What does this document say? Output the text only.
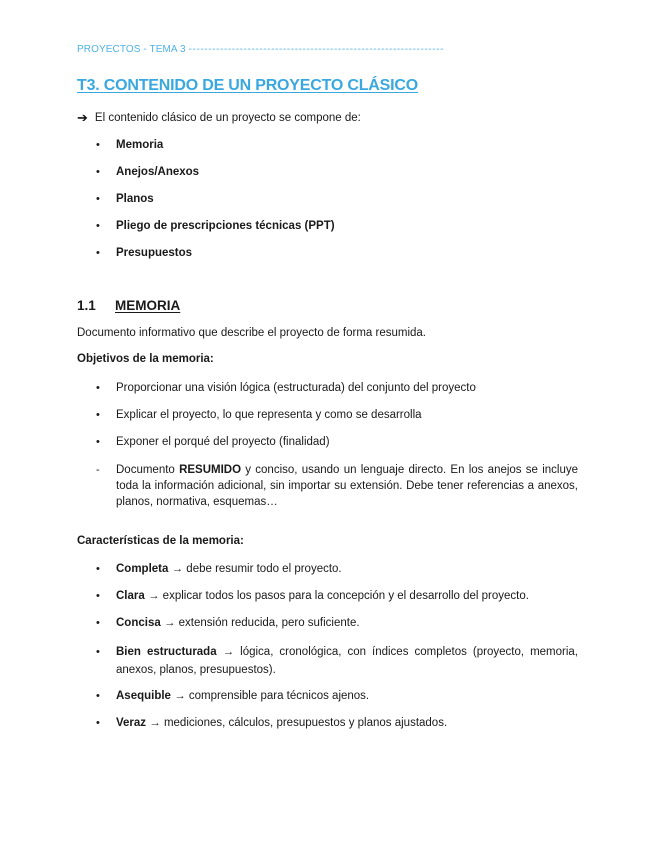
PROYECTOS - TEMA 3 -----------------------------------------------------------------
T3. CONTENIDO DE UN PROYECTO CLÁSICO
➔ El contenido clásico de un proyecto se compone de:
• Memoria
• Anejos/Anexos
• Planos
• Pliego de prescripciones técnicas (PPT)
• Presupuestos
1.1	MEMORIA
Documento informativo que describe el proyecto de forma resumida.
Objetivos de la memoria:
• Proporcionar una visión lógica (estructurada) del conjunto del proyecto
• Explicar el proyecto, lo que representa y como se desarrolla
• Exponer el porqué del proyecto (finalidad)
- Documento RESUMIDO y conciso, usando un lenguaje directo. En los anejos se incluye toda la información adicional, sin importar su extensión. Debe tener referencias a anexos, planos, normativa, esquemas…
Características de la memoria:
• Completa → debe resumir todo el proyecto.
• Clara → explicar todos los pasos para la concepción y el desarrollo del proyecto.
• Concisa → extensión reducida, pero suficiente.
• Bien estructurada → lógica, cronológica, con índices completos (proyecto, memoria, anexos, planos, presupuestos).
• Asequible → comprensible para técnicos ajenos.
• Veraz → mediciones, cálculos, presupuestos y planos ajustados.
